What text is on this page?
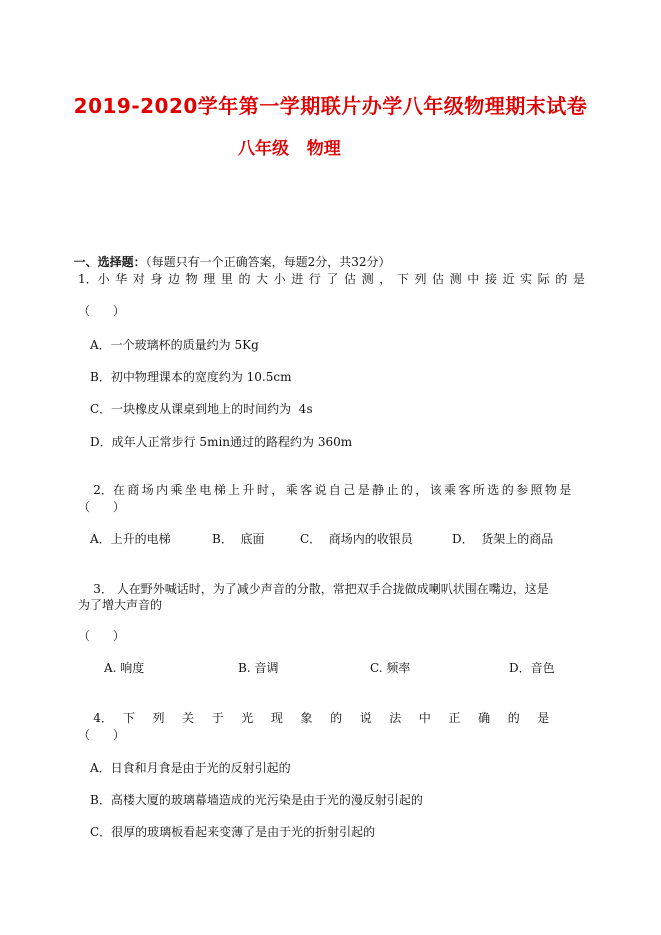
2019-2020学年第一学期联片办学八年级物理期末试卷
八年级   物理

一、选择题：（每题只有一个正确答案，每题2分，共32分）

1． 小华对身边物理里的大小进行了估测，下列估测中接近实际的是
（      ）
A．一个玻璃杯的质量约为 5Kg
B．初中物理课本的宽度约为 10.5cm
C．一块橡皮从课桌到地上的时间约为  4s
D．成年人正常步行 5min通过的路程约为 360m

2．在商场内乘坐电梯上升时，乘客说自己是静止的，该乘客所选的参照物是

（      ）
A．上升的电梯	B．  底面	C．  商场内的收银员	D．  货架上的商品

3． 人在野外喊话时，为了减少声音的分散，常把双手合拢做成喇叭状围在嘴边，这是

为了增大声音的
（      ）
A. 响度	B. 音调	C. 频率	D．音色

4． 下列关于光现象的说法中正确的是

（      ）
A．日食和月食是由于光的反射引起的
B．高楼大厦的玻璃幕墙造成的光污染是由于光的漫反射引起的
C．很厚的玻璃板看起来变薄了是由于光的折射引起的
